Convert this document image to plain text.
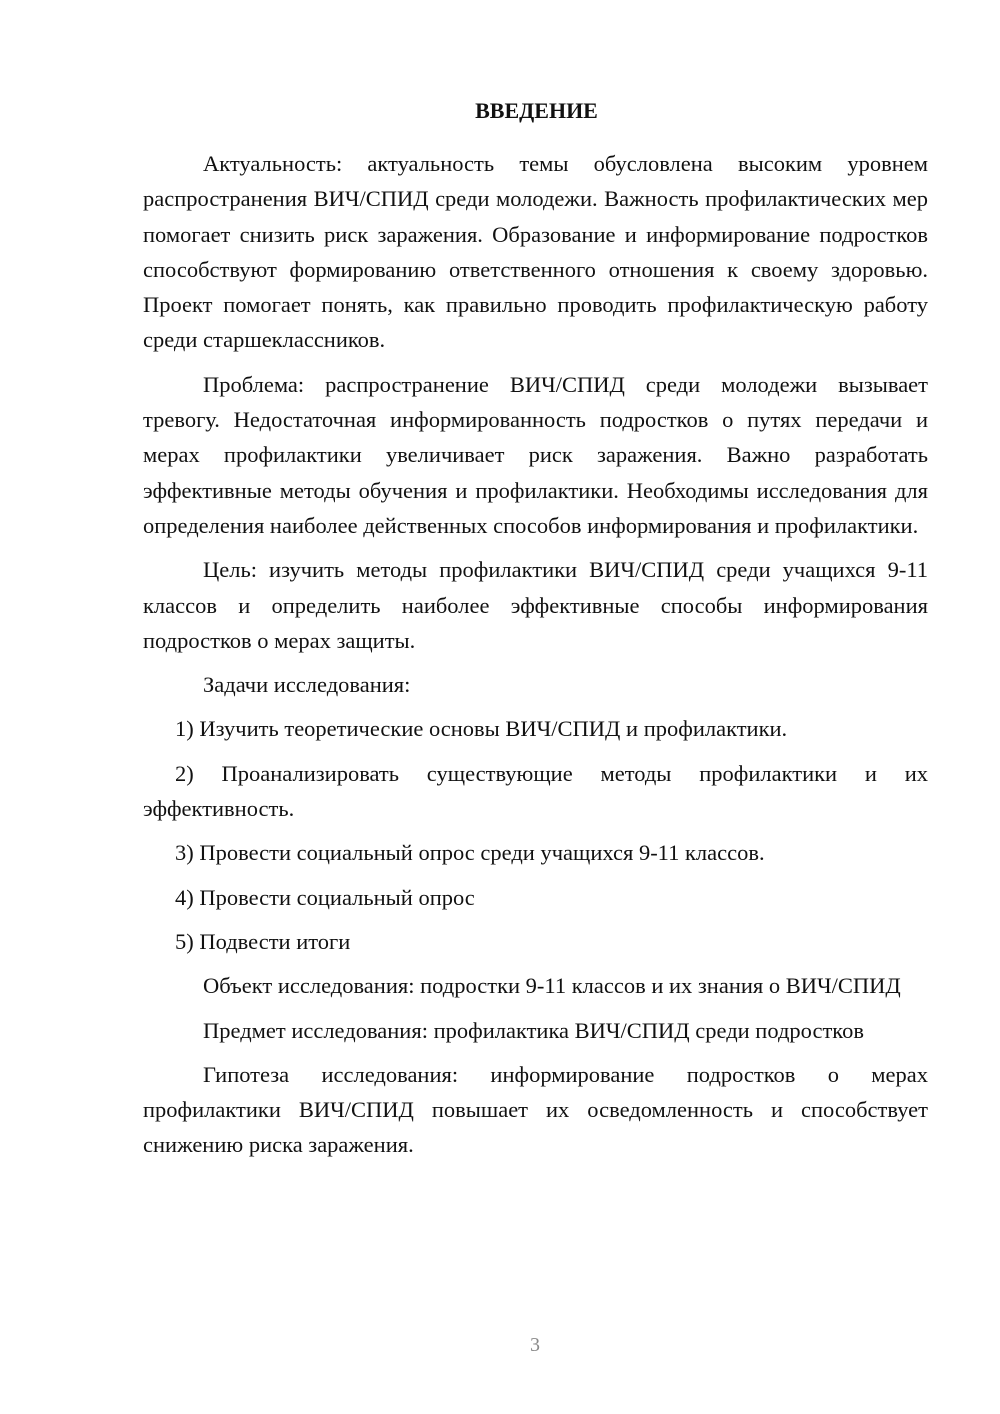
ВВЕДЕНИЕ

Актуальность: актуальность темы обусловлена высоким уровнем распространения ВИЧ/СПИД среди молодежи. Важность профилактических мер помогает снизить риск заражения. Образование и информирование подростков способствуют формированию ответственного отношения к своему здоровью. Проект помогает понять, как правильно проводить профилактическую работу среди старшеклассников.

Проблема: распространение ВИЧ/СПИД среди молодежи вызывает тревогу. Недостаточная информированность подростков о путях передачи и мерах профилактики увеличивает риск заражения. Важно разработать эффективные методы обучения и профилактики. Необходимы исследования для определения наиболее действенных способов информирования и профилактики.

Цель: изучить методы профилактики ВИЧ/СПИД среди учащихся 9-11 классов и определить наиболее эффективные способы информирования подростков о мерах защиты.

Задачи исследования:

1) Изучить теоретические основы ВИЧ/СПИД и профилактики.

2) Проанализировать существующие методы профилактики и их эффективность.

3) Провести социальный опрос среди учащихся 9-11 классов.

4) Провести социальный опрос

5) Подвести итоги

Объект исследования: подростки 9-11 классов и их знания о ВИЧ/СПИД

Предмет исследования: профилактика ВИЧ/СПИД среди подростков

Гипотеза исследования: информирование подростков о мерах профилактики ВИЧ/СПИД повышает их осведомленность и способствует снижению риска заражения.

3
